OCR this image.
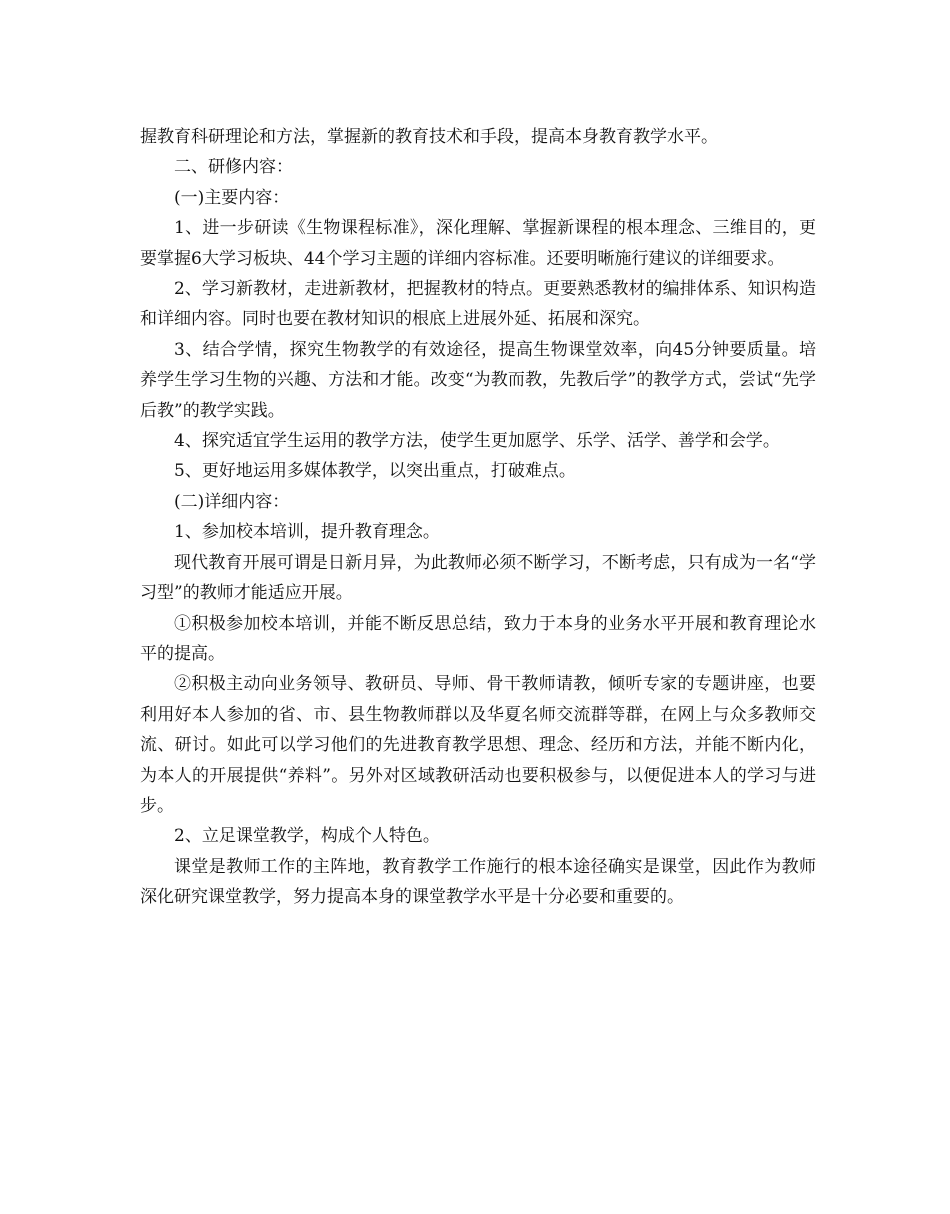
握教育科研理论和方法，掌握新的教育技术和手段，提高本身教育教学水平。

二、研修内容：

(一)主要内容：

1、进一步研读《生物课程标准》，深化理解、掌握新课程的根本理念、三维目的，更要掌握6大学习板块、44个学习主题的详细内容标准。还要明晰施行建议的详细要求。

2、学习新教材，走进新教材，把握教材的特点。更要熟悉教材的编排体系、知识构造和详细内容。同时也要在教材知识的根底上进展外延、拓展和深究。

3、结合学情，探究生物教学的有效途径，提高生物课堂效率，向45分钟要质量。培养学生学习生物的兴趣、方法和才能。改变“为教而教，先教后学”的教学方式，尝试“先学后教”的教学实践。

4、探究适宜学生运用的教学方法，使学生更加愿学、乐学、活学、善学和会学。

5、更好地运用多媒体教学，以突出重点，打破难点。

(二)详细内容：

1、参加校本培训，提升教育理念。

现代教育开展可谓是日新月异，为此教师必须不断学习，不断考虑，只有成为一名“学习型”的教师才能适应开展。

①积极参加校本培训，并能不断反思总结，致力于本身的业务水平开展和教育理论水平的提高。

②积极主动向业务领导、教研员、导师、骨干教师请教，倾听专家的专题讲座，也要利用好本人参加的省、市、县生物教师群以及华夏名师交流群等群，在网上与众多教师交流、研讨。如此可以学习他们的先进教育教学思想、理念、经历和方法，并能不断内化，为本人的开展提供“养料”。另外对区域教研活动也要积极参与，以便促进本人的学习与进步。

2、立足课堂教学，构成个人特色。

课堂是教师工作的主阵地，教育教学工作施行的根本途径确实是课堂，因此作为教师深化研究课堂教学，努力提高本身的课堂教学水平是十分必要和重要的。
